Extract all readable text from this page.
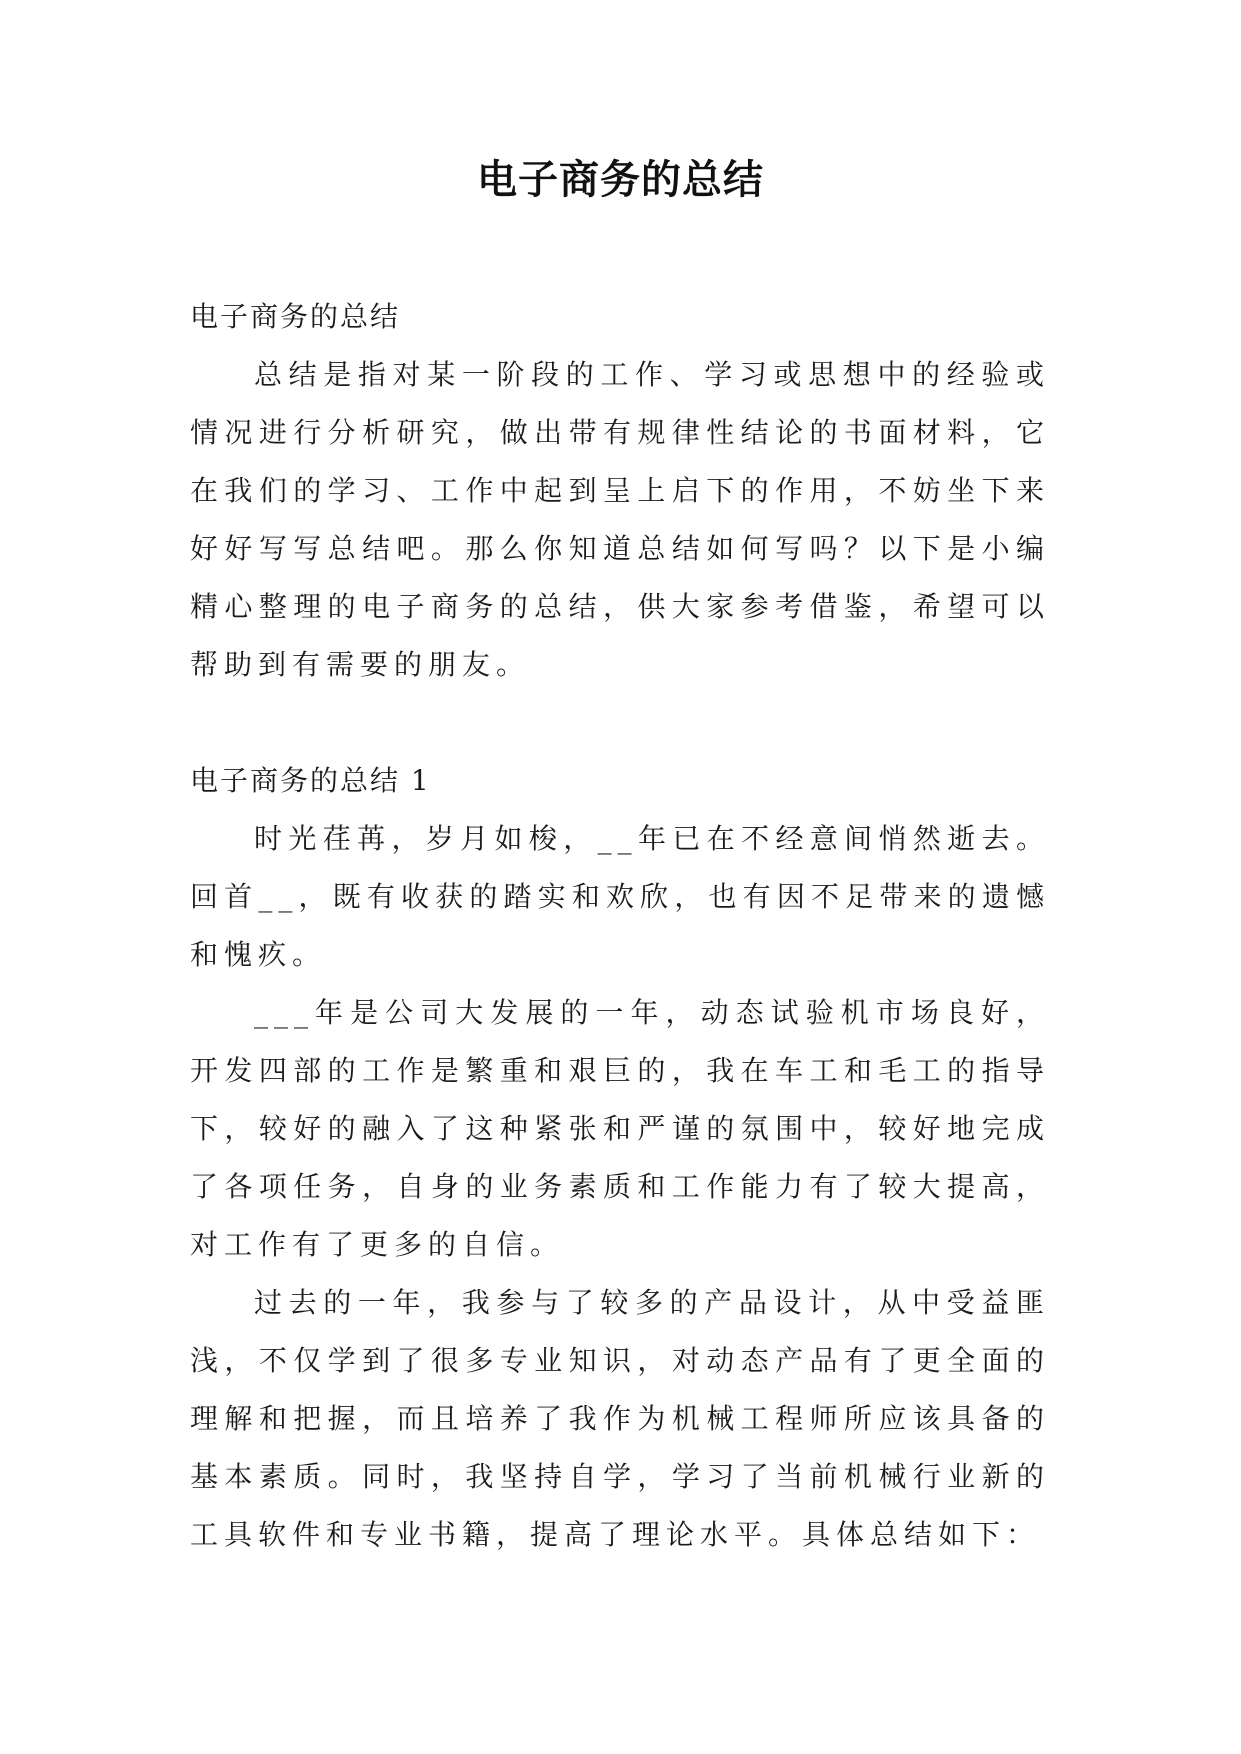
电子商务的总结

电子商务的总结

总结是指对某一阶段的工作、学习或思想中的经验或情况进行分析研究，做出带有规律性结论的书面材料，它在我们的学习、工作中起到呈上启下的作用，不妨坐下来好好写写总结吧。那么你知道总结如何写吗？以下是小编精心整理的电子商务的总结，供大家参考借鉴，希望可以帮助到有需要的朋友。

电子商务的总结 1

时光荏苒，岁月如梭，__年已在不经意间悄然逝去。回首__，既有收获的踏实和欢欣，也有因不足带来的遗憾和愧疚。

___年是公司大发展的一年，动态试验机市场良好，开发四部的工作是繁重和艰巨的，我在车工和毛工的指导下，较好的融入了这种紧张和严谨的氛围中，较好地完成了各项任务，自身的业务素质和工作能力有了较大提高，对工作有了更多的自信。

过去的一年，我参与了较多的产品设计，从中受益匪浅，不仅学到了很多专业知识，对动态产品有了更全面的理解和把握，而且培养了我作为机械工程师所应该具备的基本素质。同时，我坚持自学，学习了当前机械行业新的工具软件和专业书籍，提高了理论水平。具体总结如下：
